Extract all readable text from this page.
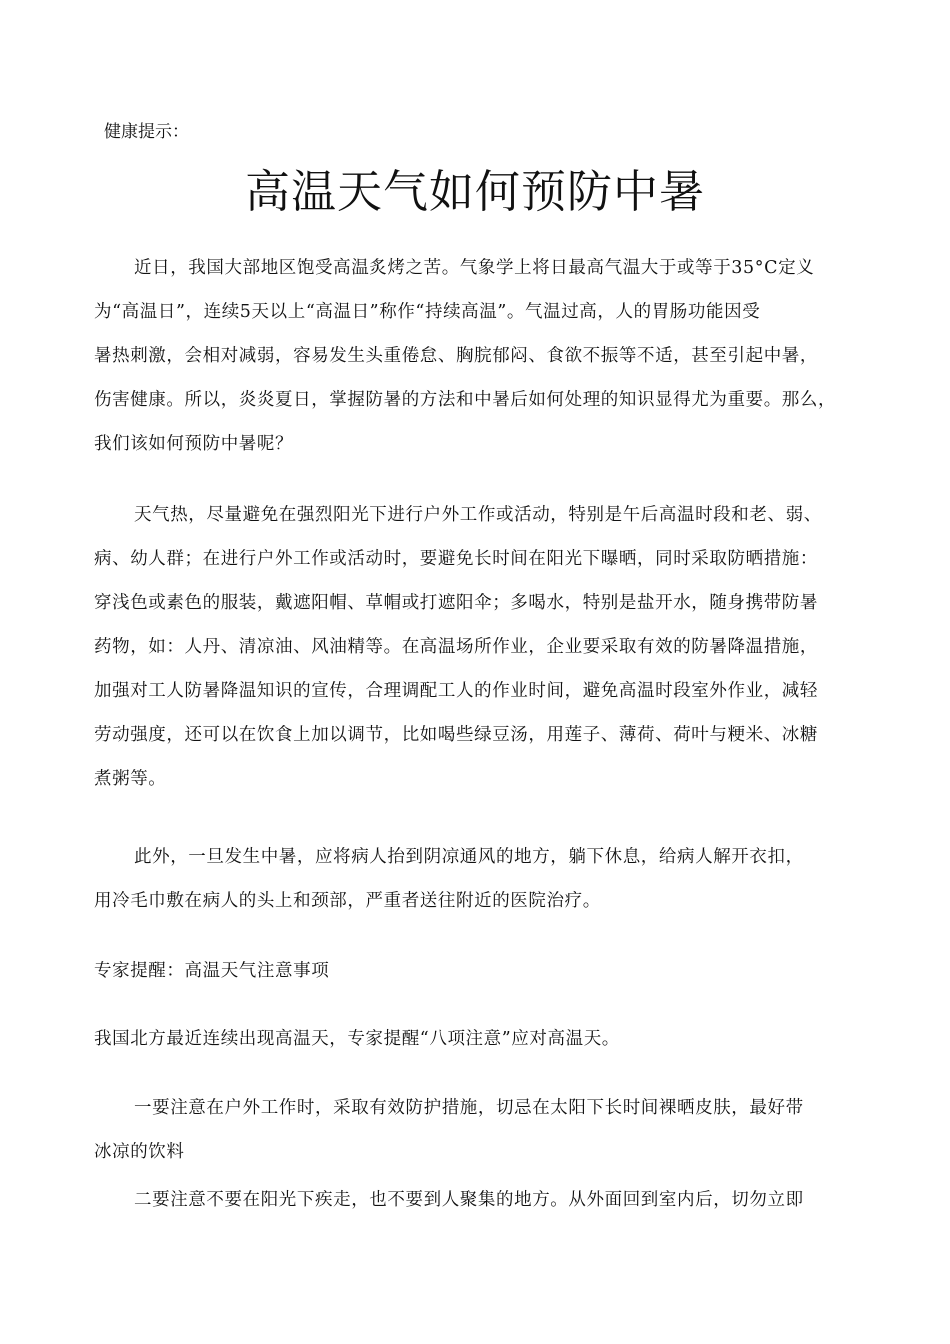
健康提示：
高温天气如何预防中暑
近日，我国大部地区饱受高温炙烤之苦。气象学上将日最高气温大于或等于35°C定义
为“高温日”，连续5天以上“高温日”称作“持续高温”。气温过高，人的胃肠功能因受
暑热刺激，会相对减弱，容易发生头重倦怠、胸脘郁闷、食欲不振等不适，甚至引起中暑，
伤害健康。所以，炎炎夏日，掌握防暑的方法和中暑后如何处理的知识显得尤为重要。那么，
我们该如何预防中暑呢？
天气热，尽量避免在强烈阳光下进行户外工作或活动，特别是午后高温时段和老、弱、
病、幼人群；在进行户外工作或活动时，要避免长时间在阳光下曝晒，同时采取防晒措施：
穿浅色或素色的服装，戴遮阳帽、草帽或打遮阳伞；多喝水，特别是盐开水，随身携带防暑
药物，如：人丹、清凉油、风油精等。在高温场所作业，企业要采取有效的防暑降温措施，
加强对工人防暑降温知识的宣传，合理调配工人的作业时间，避免高温时段室外作业，减轻
劳动强度，还可以在饮食上加以调节，比如喝些绿豆汤，用莲子、薄荷、荷叶与粳米、冰糖
煮粥等。
此外，一旦发生中暑，应将病人抬到阴凉通风的地方，躺下休息，给病人解开衣扣，
用冷毛巾敷在病人的头上和颈部，严重者送往附近的医院治疗。
专家提醒：高温天气注意事项
我国北方最近连续出现高温天，专家提醒“八项注意”应对高温天。
一要注意在户外工作时，采取有效防护措施，切忌在太阳下长时间裸晒皮肤，最好带
冰凉的饮料
二要注意不要在阳光下疾走，也不要到人聚集的地方。从外面回到室内后，切勿立即
